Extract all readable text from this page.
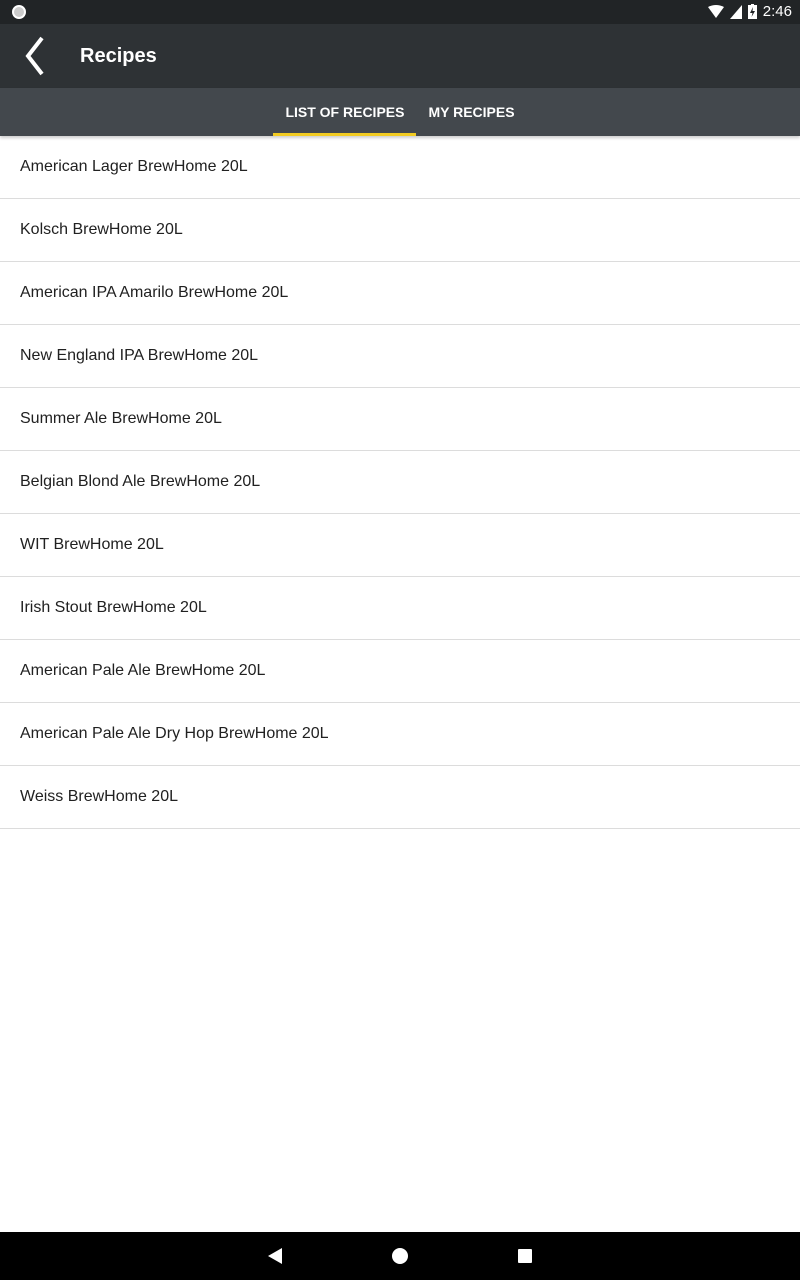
2:46
Recipes
LIST OF RECIPES	MY RECIPES
American Lager BrewHome 20L
Kolsch BrewHome 20L
American IPA Amarilo BrewHome 20L
New England IPA BrewHome 20L
Summer Ale BrewHome 20L
Belgian Blond Ale BrewHome 20L
WIT BrewHome 20L
Irish Stout BrewHome 20L
American Pale Ale BrewHome 20L
American Pale Ale Dry Hop BrewHome 20L
Weiss BrewHome 20L
